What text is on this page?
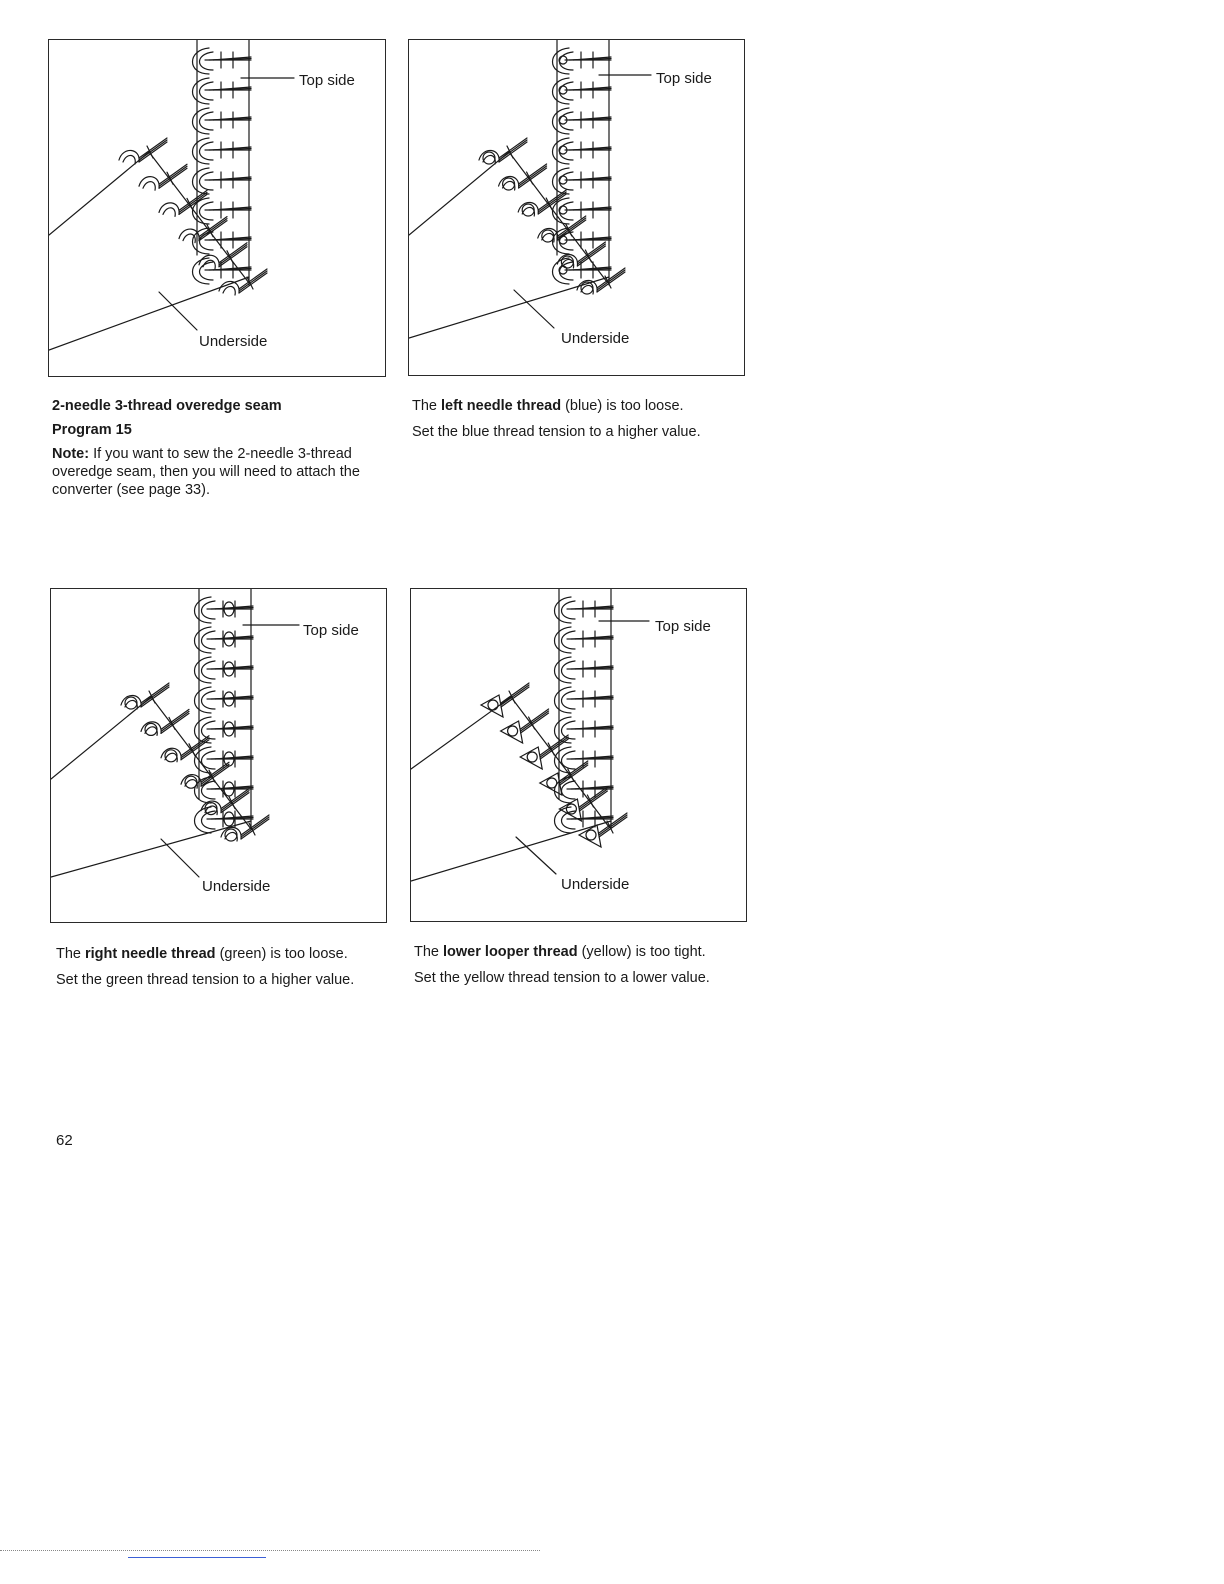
Top side
Underside
Top side
Underside
Top side
Underside
Top side
Underside

2-needle 3-thread overedge seam

Program 15

Note: If you want to sew the 2-needle 3-thread overedge seam, then you will need to attach the converter (see page 33).

The left needle thread (blue) is too loose.

Set the blue thread tension to a higher value.

The right needle thread (green) is too loose.

Set the green thread tension to a higher value.

The lower looper thread (yellow) is too tight.

Set the yellow thread tension to a lower value.

62
